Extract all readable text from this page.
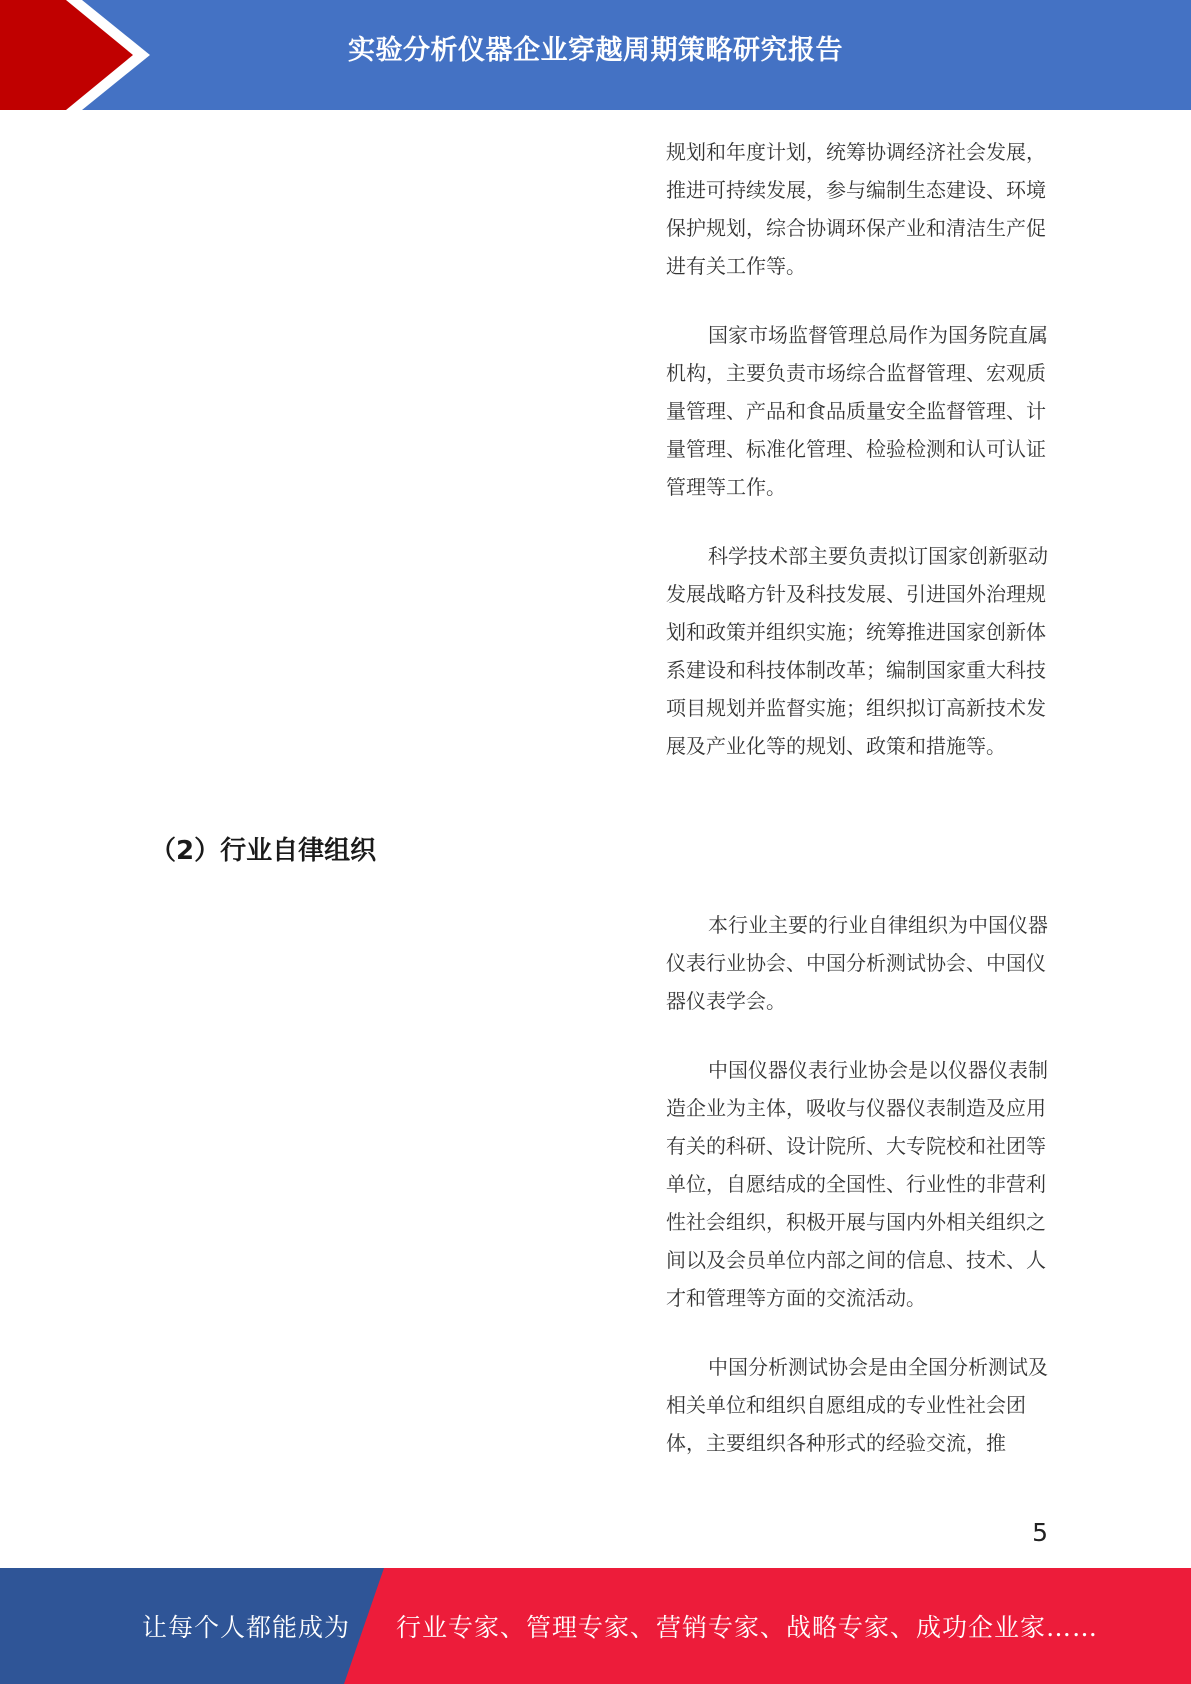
实验分析仪器企业穿越周期策略研究报告

规划和年度计划，统筹协调经济社会发展，推进可持续发展，参与编制生态建设、环境保护规划，综合协调环保产业和清洁生产促进有关工作等。

国家市场监督管理总局作为国务院直属机构，主要负责市场综合监督管理、宏观质量管理、产品和食品质量安全监督管理、计量管理、标准化管理、检验检测和认可认证管理等工作。

科学技术部主要负责拟订国家创新驱动发展战略方针及科技发展、引进国外治理规划和政策并组织实施；统筹推进国家创新体系建设和科技体制改革；编制国家重大科技项目规划并监督实施；组织拟订高新技术发展及产业化等的规划、政策和措施等。

（2）行业自律组织

本行业主要的行业自律组织为中国仪器仪表行业协会、中国分析测试协会、中国仪器仪表学会。

中国仪器仪表行业协会是以仪器仪表制造企业为主体，吸收与仪器仪表制造及应用有关的科研、设计院所、大专院校和社团等单位，自愿结成的全国性、行业性的非营利性社会组织，积极开展与国内外相关组织之间以及会员单位内部之间的信息、技术、人才和管理等方面的交流活动。

中国分析测试协会是由全国分析测试及相关单位和组织自愿组成的专业性社会团体，主要组织各种形式的经验交流，推

5
让每个人都能成为 行业专家、管理专家、营销专家、战略专家、成功企业家……
